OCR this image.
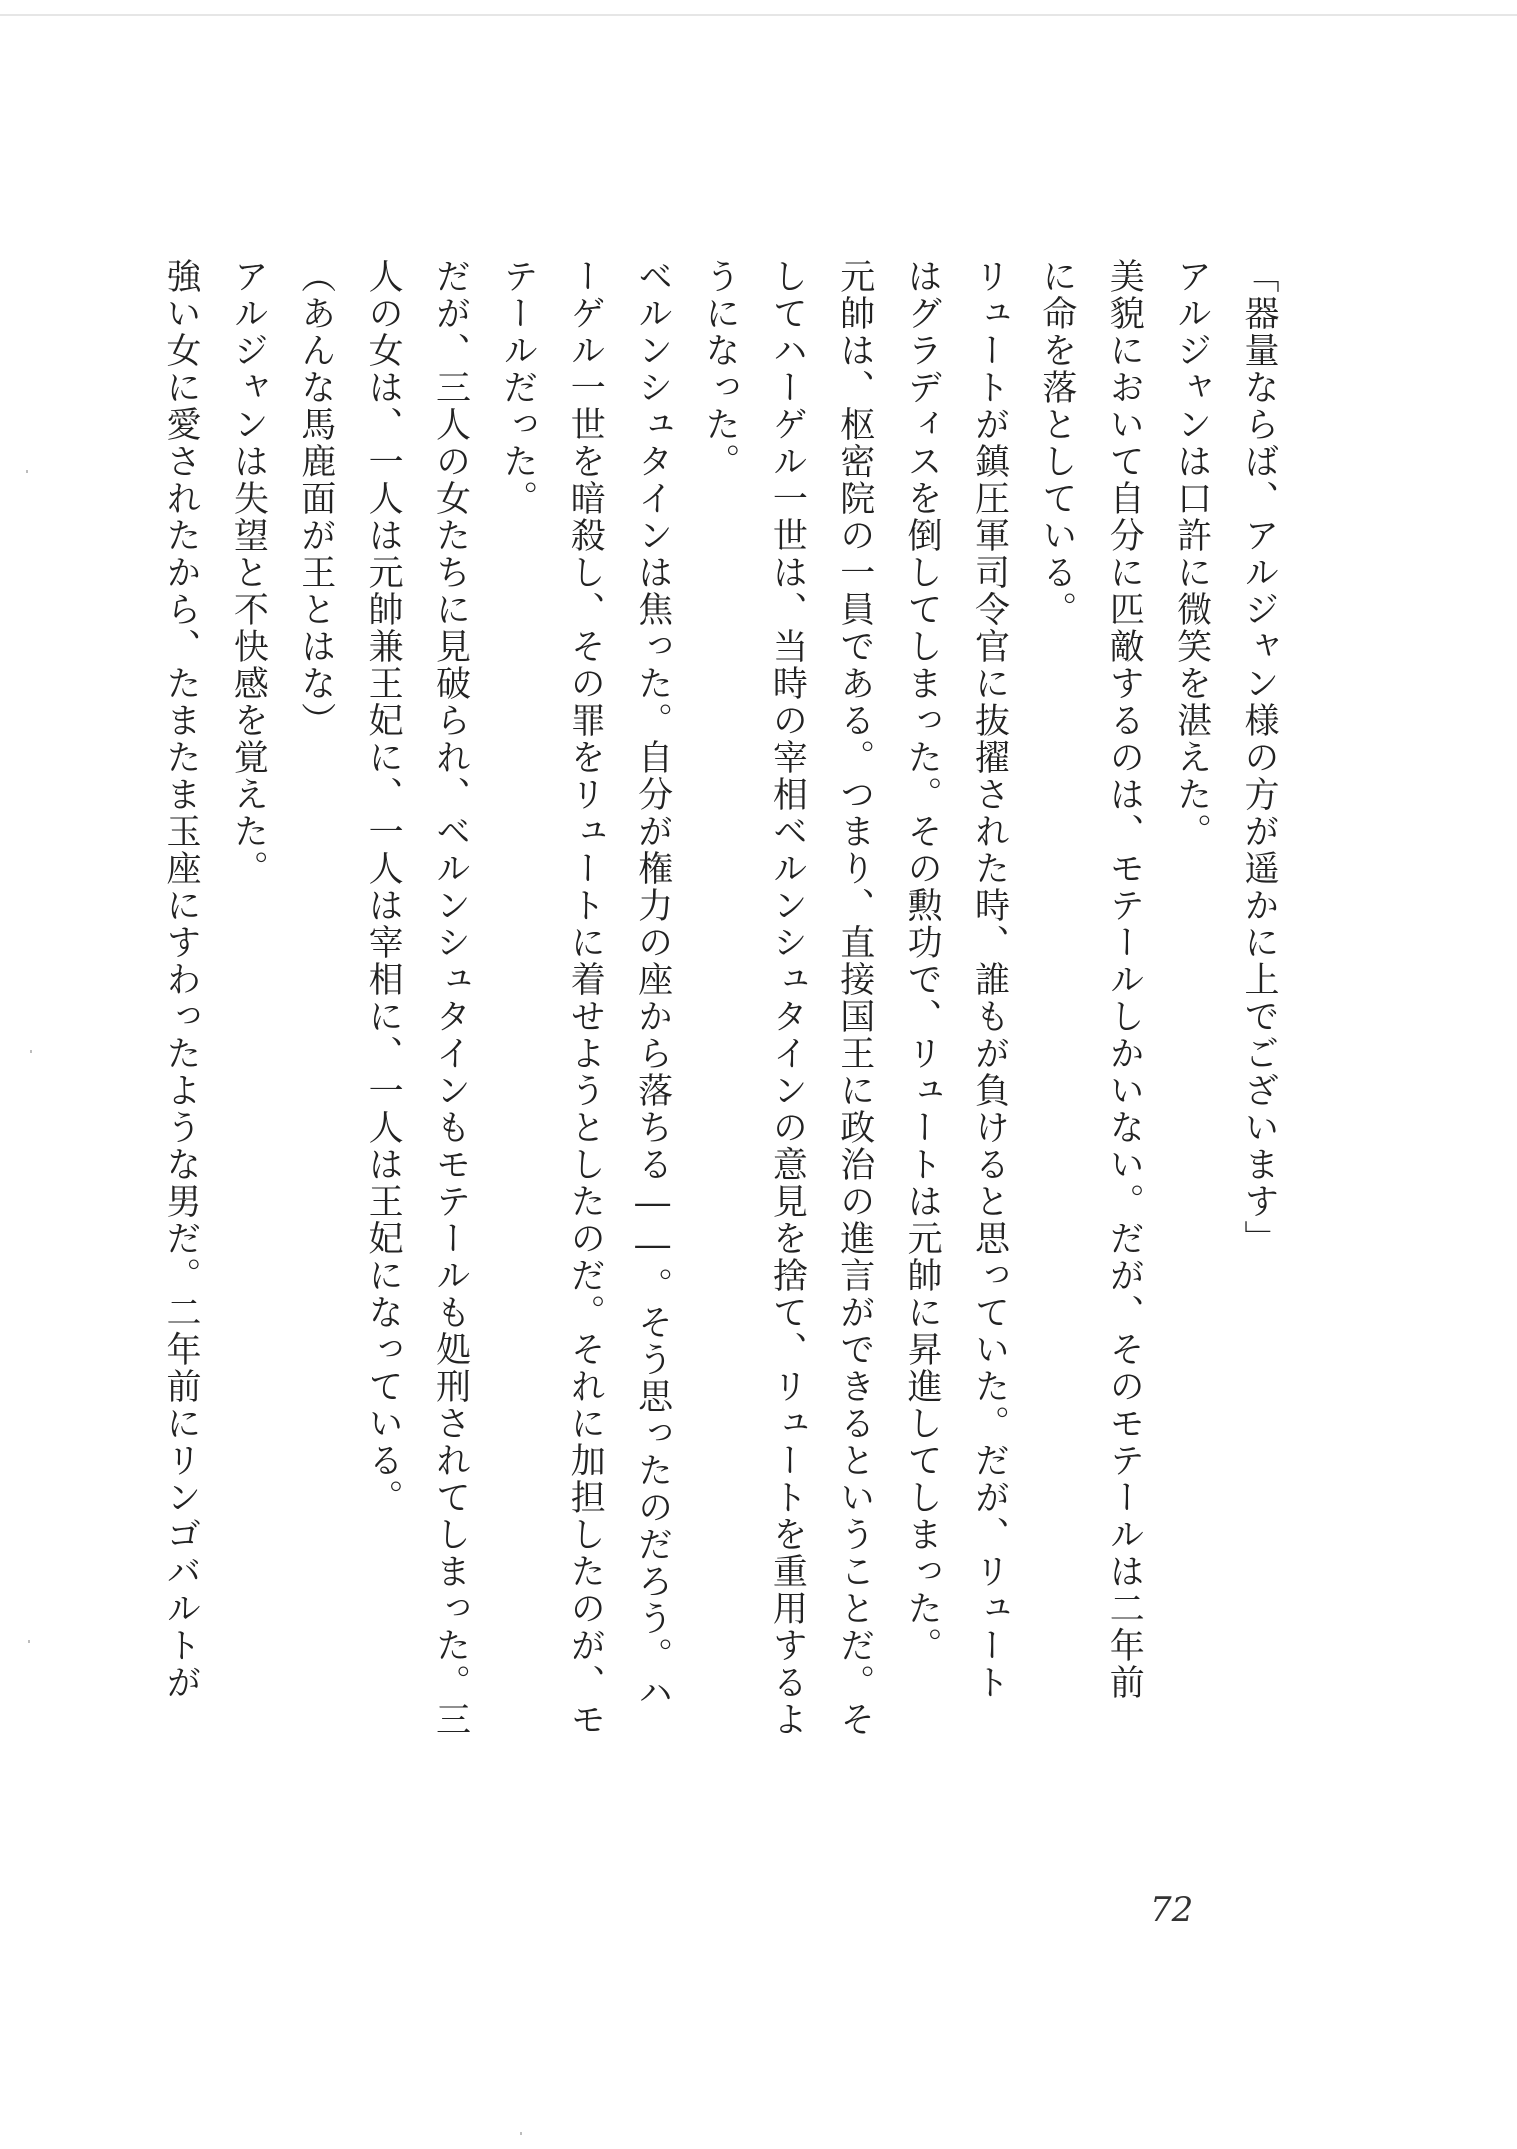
「器量ならば、アルジャン様の方が遥かに上でございます」
アルジャンは口許に微笑を湛えた。
美貌において自分に匹敵するのは、モテールしかいない。だが、そのモテールは二年前
に命を落としている。
リュートが鎮圧軍司令官に抜擢された時、誰もが負けると思っていた。だが、リュート
はグラディスを倒してしまった。その勲功で、リュートは元帥に昇進してしまった。
元帥は、枢密院の一員である。つまり、直接国王に政治の進言ができるということだ。そ
してハーゲル一世は、当時の宰相ベルンシュタインの意見を捨て、リュートを重用するよ
うになった。
ベルンシュタインは焦った。自分が権力の座から落ちる――。そう思ったのだろう。ハ
ーゲル一世を暗殺し、その罪をリュートに着せようとしたのだ。それに加担したのが、モ
テールだった。
だが、三人の女たちに見破られ、ベルンシュタインもモテールも処刑されてしまった。三
人の女は、一人は元帥兼王妃に、一人は宰相に、一人は王妃になっている。
（あんな馬鹿面が王とはな）
アルジャンは失望と不快感を覚えた。
強い女に愛されたから、たまたま玉座にすわったような男だ。二年前にリンゴバルトが
72
